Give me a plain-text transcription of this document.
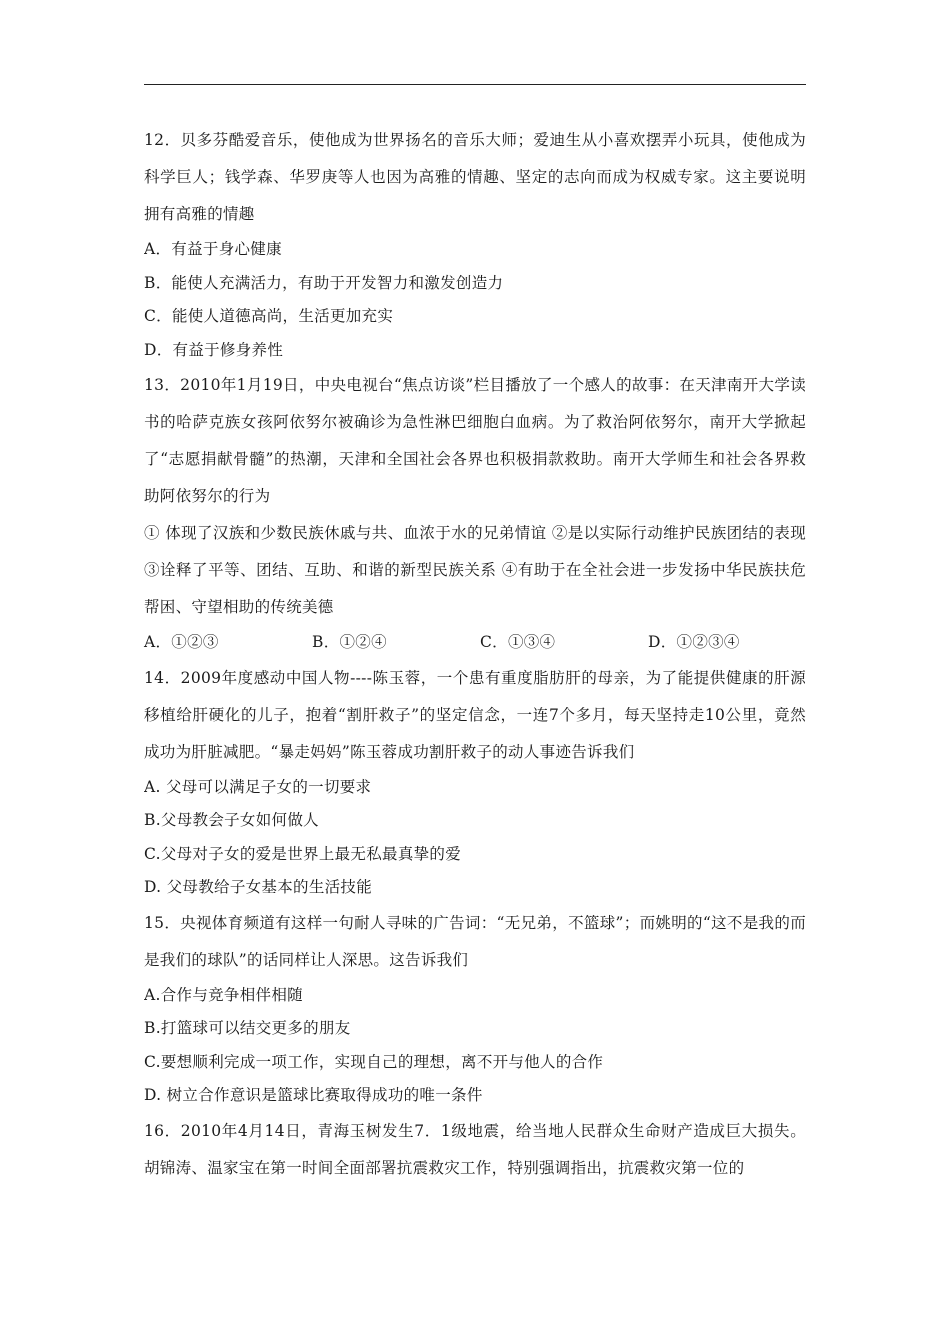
12．贝多芬酷爱音乐，使他成为世界扬名的音乐大师；爱迪生从小喜欢摆弄小玩具，使他成为科学巨人；钱学森、华罗庚等人也因为高雅的情趣、坚定的志向而成为权威专家。这主要说明拥有高雅的情趣

A．有益于身心健康
B．能使人充满活力，有助于开发智力和激发创造力
C．能使人道德高尚，生活更加充实
D．有益于修身养性

13．2010年1月19日，中央电视台“焦点访谈”栏目播放了一个感人的故事：在天津南开大学读书的哈萨克族女孩阿依努尔被确诊为急性淋巴细胞白血病。为了救治阿依努尔，南开大学掀起了“志愿捐献骨髓”的热潮，天津和全国社会各界也积极捐款救助。南开大学师生和社会各界救助阿依努尔的行为

① 体现了汉族和少数民族休戚与共、血浓于水的兄弟情谊 ②是以实际行动维护民族团结的表现 ③诠释了平等、团结、互助、和谐的新型民族关系 ④有助于在全社会进一步发扬中华民族扶危帮困、守望相助的传统美德

A．①②③	B．①②④	C．①③④	D．①②③④

14．2009年度感动中国人物----陈玉蓉，一个患有重度脂肪肝的母亲，为了能提供健康的肝源移植给肝硬化的儿子，抱着“割肝救子”的坚定信念，一连7个多月，每天坚持走10公里，竟然成功为肝脏减肥。“暴走妈妈”陈玉蓉成功割肝救子的动人事迹告诉我们

A. 父母可以满足子女的一切要求
B.父母教会子女如何做人
C.父母对子女的爱是世界上最无私最真挚的爱
D. 父母教给子女基本的生活技能

15．央视体育频道有这样一句耐人寻味的广告词：“无兄弟，不篮球”；而姚明的“这不是我的而是我们的球队”的话同样让人深思。这告诉我们

A.合作与竞争相伴相随
B.打篮球可以结交更多的朋友
C.要想顺利完成一项工作，实现自己的理想，离不开与他人的合作
D. 树立合作意识是篮球比赛取得成功的唯一条件

16．2010年4月14日，青海玉树发生7．1级地震，给当地人民群众生命财产造成巨大损失。胡锦涛、温家宝在第一时间全面部署抗震救灾工作，特别强调指出，抗震救灾第一位的
